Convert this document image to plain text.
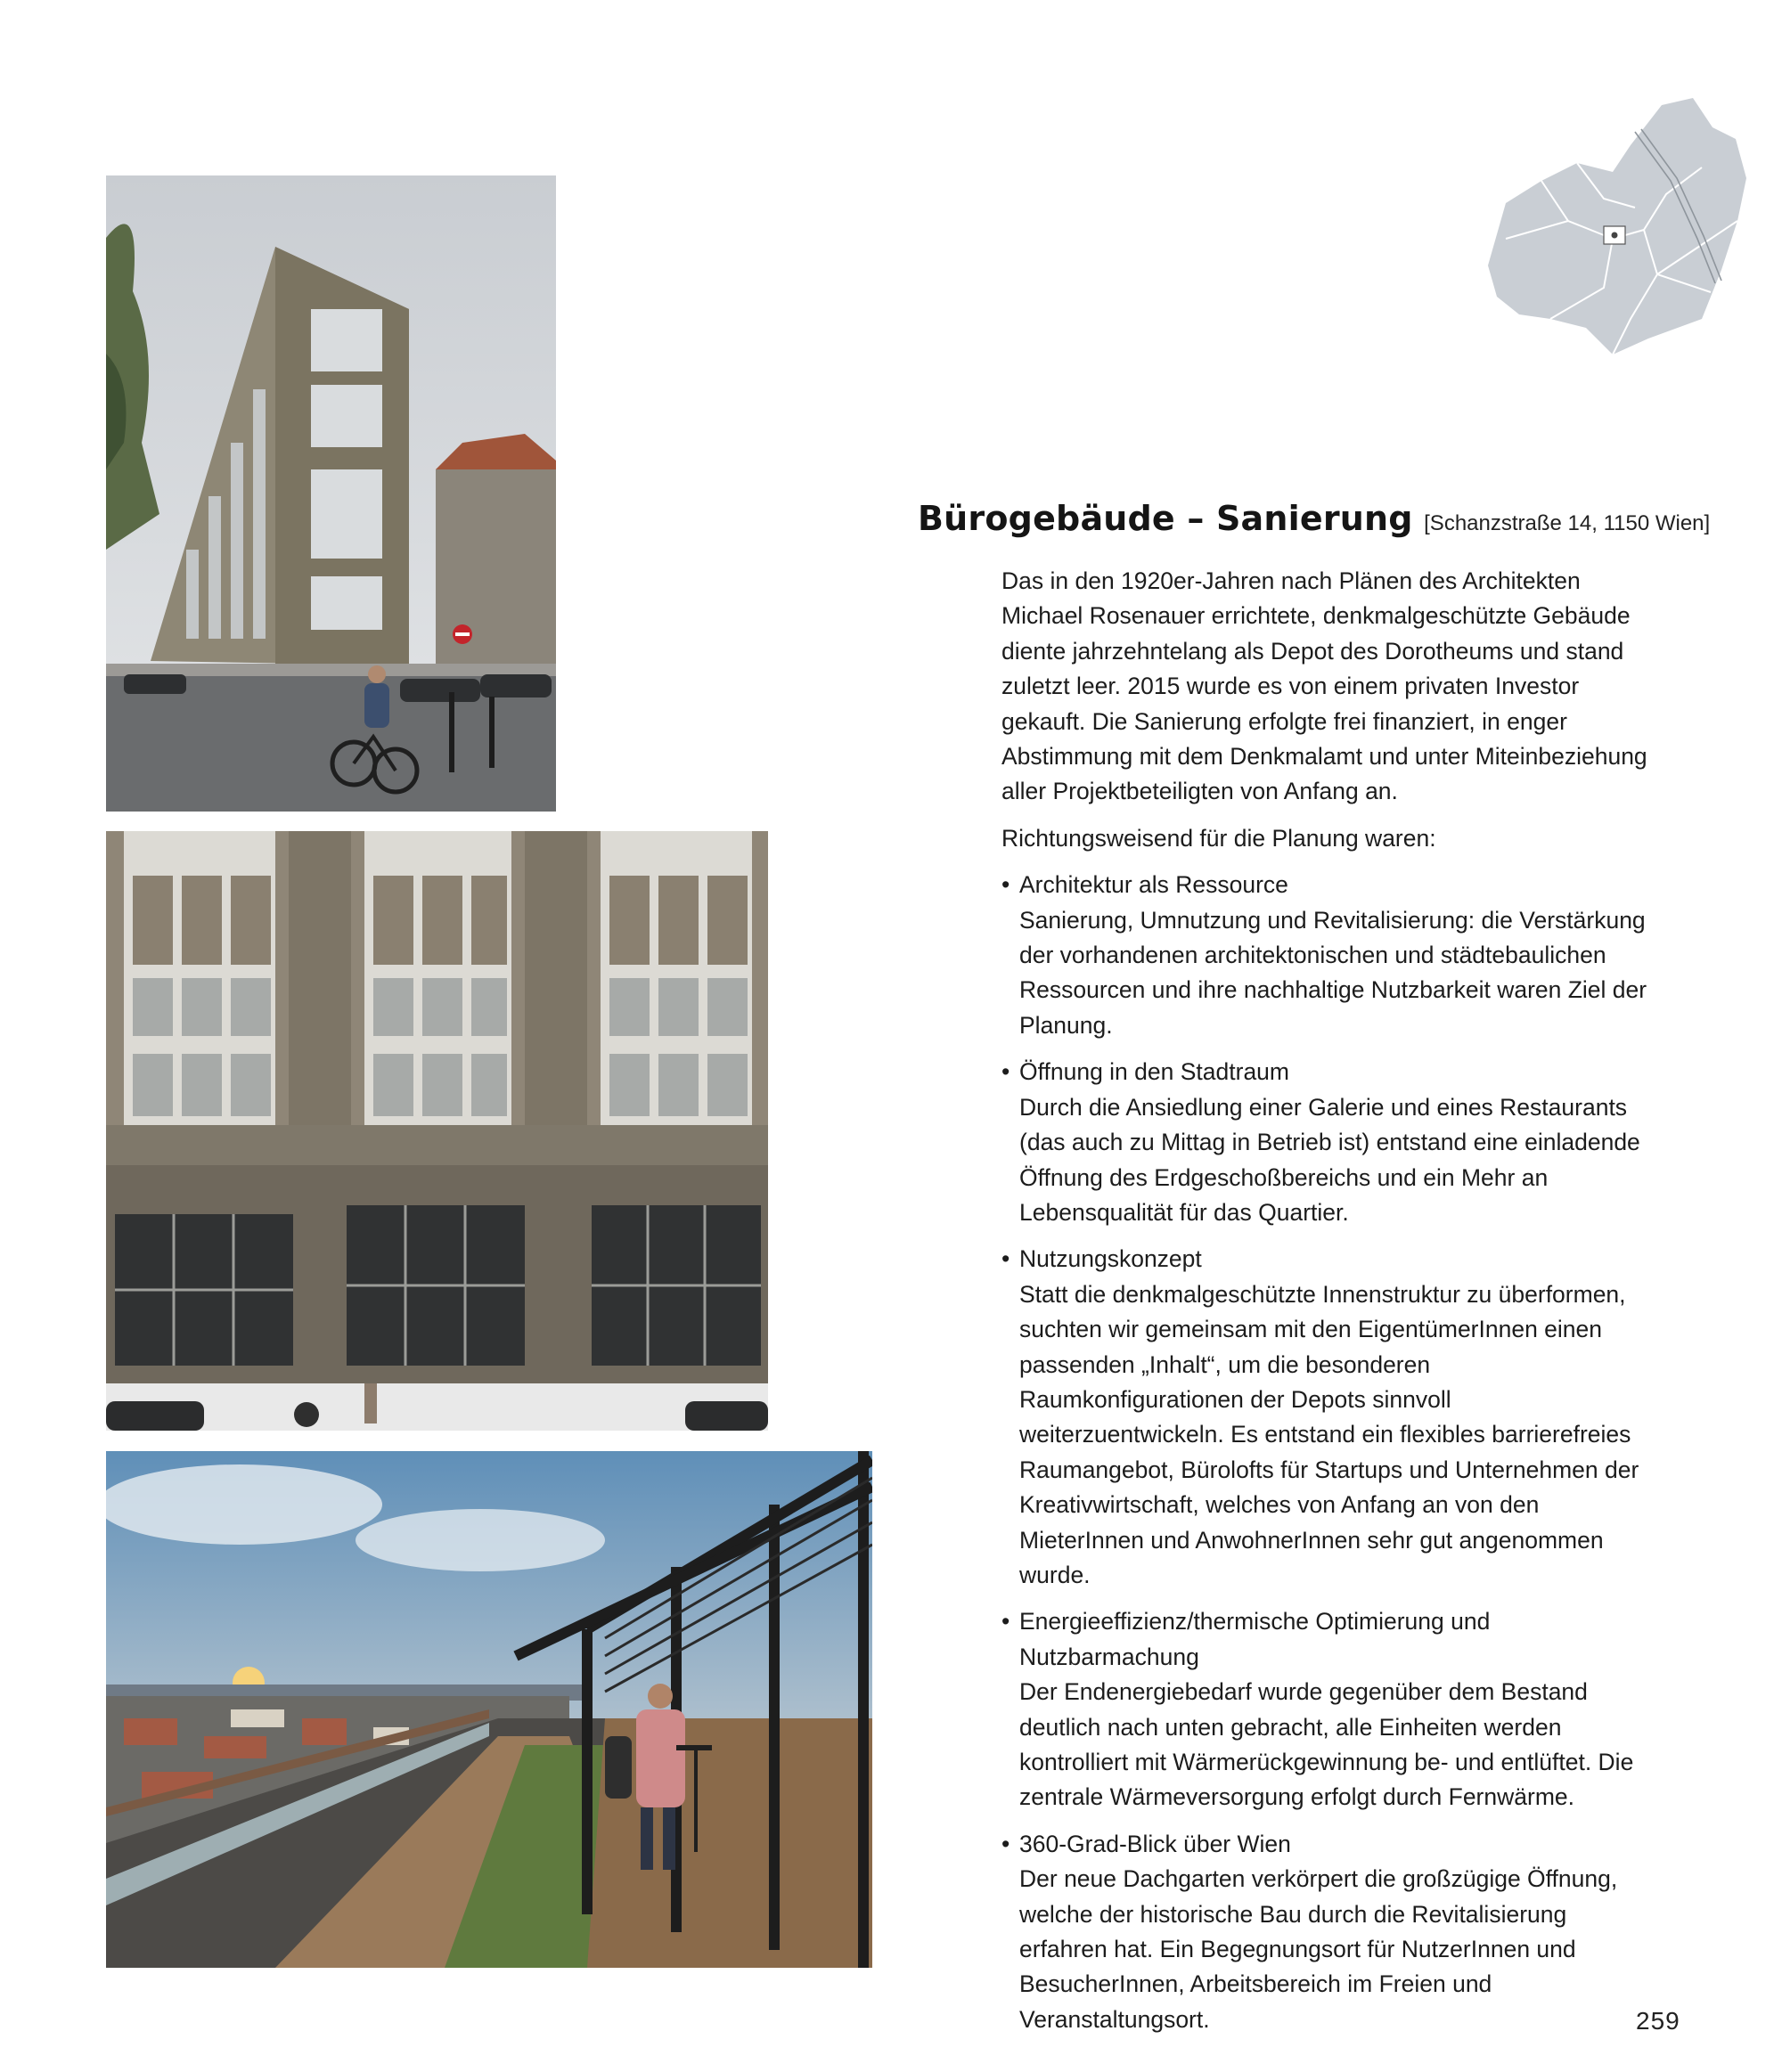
Bürogebäude – Sanierung [Schanzstraße 14, 1150 Wien]

Das in den 1920er-Jahren nach Plänen des Architekten Michael Rosenauer errichtete, denkmalgeschützte Gebäude diente jahrzehntelang als Depot des Dorotheums und stand zuletzt leer. 2015 wurde es von einem privaten Investor gekauft. Die Sanierung erfolgte frei finanziert, in enger Abstimmung mit dem Denkmalamt und unter Miteinbeziehung aller Projektbeteiligten von Anfang an.

Richtungsweisend für die Planung waren:

• Architektur als Ressource
Sanierung, Umnutzung und Revitalisierung: die Verstärkung der vorhandenen architektonischen und städtebaulichen Ressourcen und ihre nachhaltige Nutzbarkeit waren Ziel der Planung.
• Öffnung in den Stadtraum
Durch die Ansiedlung einer Galerie und eines Restaurants (das auch zu Mittag in Betrieb ist) entstand eine einladende Öffnung des Erdgeschoßbereichs und ein Mehr an Lebensqualität für das Quartier.
• Nutzungskonzept
Statt die denkmalgeschützte Innenstruktur zu überformen, suchten wir gemeinsam mit den EigentümerInnen einen passenden „Inhalt“, um die besonderen Raumkonfigurationen der Depots sinnvoll weiterzuentwickeln. Es entstand ein flexibles barrierefreies Raumangebot, Bürolofts für Startups und Unternehmen der Kreativwirtschaft, welches von Anfang an von den MieterInnen und AnwohnerInnen sehr gut angenommen wurde.
• Energieeffizienz/thermische Optimierung und Nutzbarmachung
Der Endenergiebedarf wurde gegenüber dem Bestand deutlich nach unten gebracht, alle Einheiten werden kontrolliert mit Wärmerückgewinnung be- und entlüftet. Die zentrale Wärmeversorgung erfolgt durch Fernwärme.
• 360-Grad-Blick über Wien
Der neue Dachgarten verkörpert die großzügige Öffnung, welche der historische Bau durch die Revitalisierung erfahren hat. Ein Begegnungsort für NutzerInnen und BesucherInnen, Arbeitsbereich im Freien und Veranstaltungsort.	259
